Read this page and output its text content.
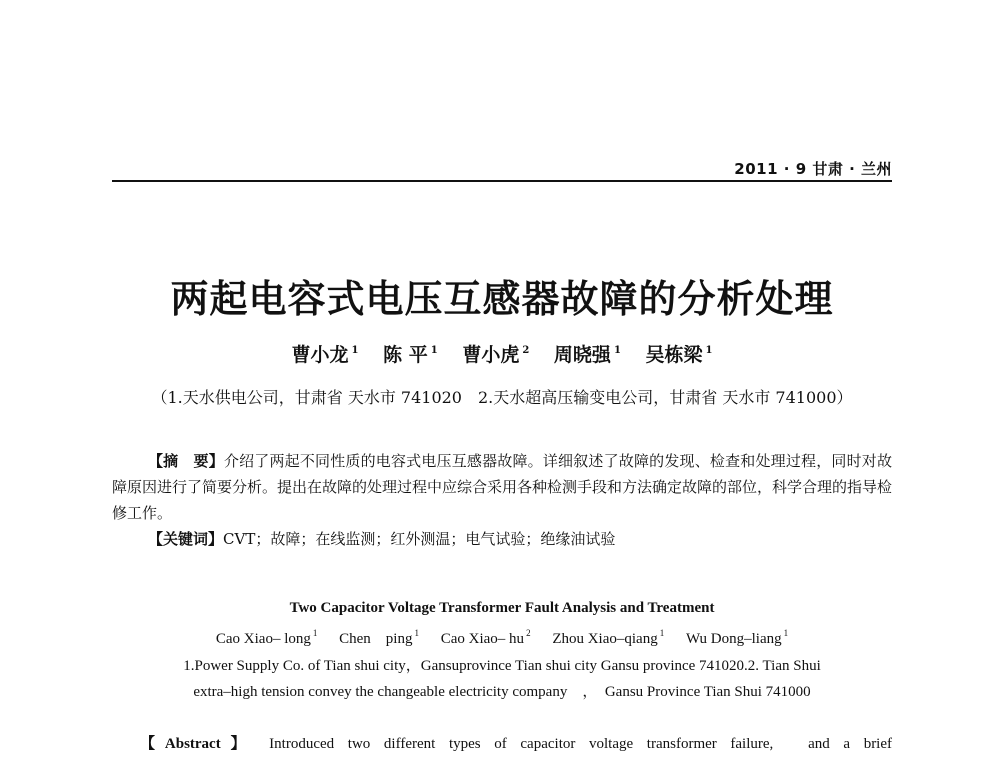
2011 · 9 甘肃 · 兰州
两起电容式电压互感器故障的分析处理
曹小龙 $^1$ 陈 平 $^1$ 曹小虎 $^2$ 周晓强 $^1$ 吴栋梁 $^1$
（1.天水供电公司，甘肃省 天水市 741020　2.天水超高压输变电公司，甘肃省 天水市 741000）
【摘　要】介绍了两起不同性质的电容式电压互感器故障。详细叙述了故障的发现、检查和处理过程，同时对故障原因进行了简要分析。提出在故障的处理过程中应综合采用各种检测手段和方法确定故障的部位，科学合理的指导检修工作。
【关键词】CVT；故障；在线监测；红外测温；电气试验；绝缘油试验
Two Capacitor Voltage Transformer Fault Analysis and Treatment
Cao Xiao– long $^1$ Chen　ping $^1$ Cao Xiao– hu $^2$ Zhou Xiao–qiang $^1$ Wu Dong–liang $^1$
1.Power Supply Co. of Tian shui city，Gansuprovince Tian shui city Gansu province 741020.2. Tian Shui
extra–high tension convey the changeable electricity company　，　Gansu Province Tian Shui 741000
【Abstract】 Introduced two different types of capacitor voltage transformer failure,　and a brief
